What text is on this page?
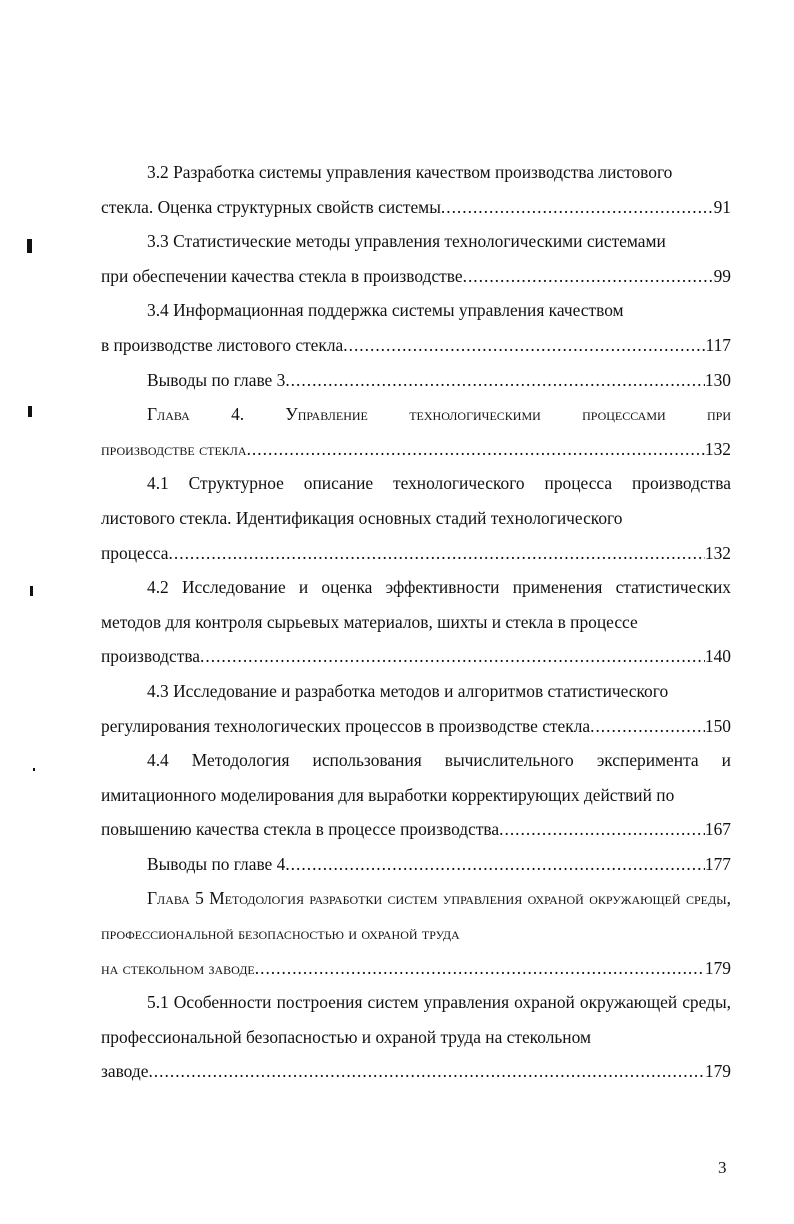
3.2 Разработка системы управления качеством производства листового

стекла. Оценка структурных свойств системы .....	91

3.3 Статистические методы управления технологическими системами

при обеспечении качества стекла в производстве .....	99

3.4 Информационная поддержка системы управления качеством

в производстве листового стекла .....	117
Выводы по главе 3 .....	130

Глава 4. Управление технологическими процессами при

производстве стекла .....	132

4.1 Структурное описание технологического процесса производства листового стекла. Идентификация основных стадий технологического

процесса .....	132

4.2 Исследование и оценка эффективности применения статистических методов для контроля сырьевых материалов, шихты и стекла в процессе

производства .....	140

4.3 Исследование и разработка методов и алгоритмов статистического

регулирования технологических процессов в производстве стекла .....	150

4.4 Методология использования вычислительного эксперимента и имитационного моделирования для выработки корректирующих действий по

повышению качества стекла в процессе производства .....	167
Выводы по главе 4 .....	177

Глава 5 Методология разработки систем управления охраной окружающей среды, профессиональной безопасностью и охраной труда

на стекольном заводе .....	179

5.1 Особенности построения систем управления охраной окружающей среды, профессиональной безопасностью и охраной труда на стекольном

заводе .....	179
3
